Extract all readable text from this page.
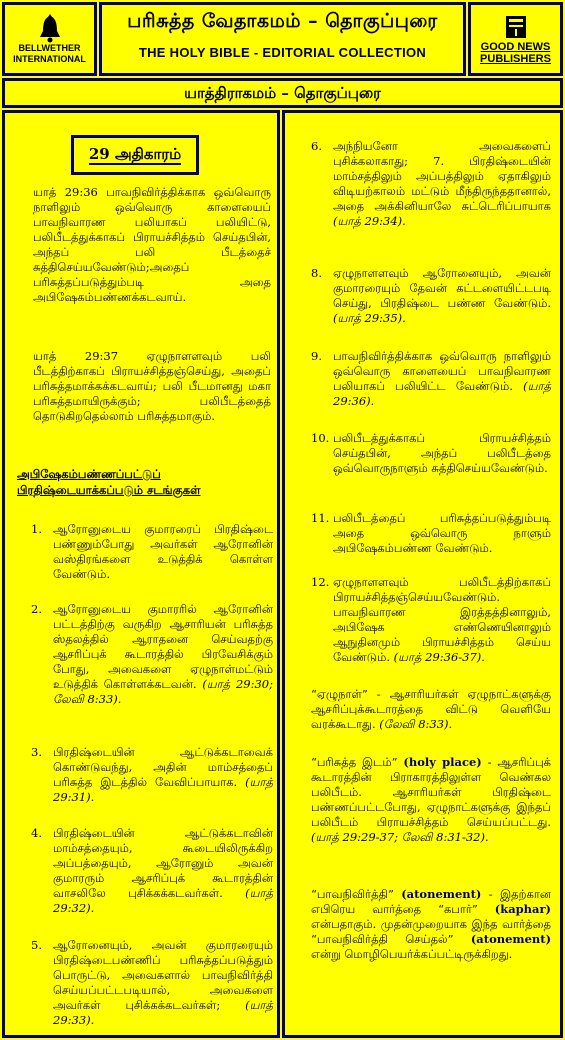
BELLWETHER
INTERNATIONAL
பரிசுத்த வேதாகமம் – தொகுப்புரை
THE HOLY BIBLE - EDITORIAL COLLECTION	GOOD NEWS
PUBLISHERS
யாத்திராகமம் – தொகுப்புரை
29 அதிகாரம்
யாத் 29:36 பாவநிவிர்த்திக்காக ஒவ்வொரு நாளிலும் ஒவ்வொரு காளையைப் பாவநிவாரண பலியாகப் பலியிட்டு, பலிபீடத்துக்காகப் பிராயச்சித்தம் செய்தபின், அந்தப் பலி பீடத்தைச் சுத்திசெய்யவேண்டும்;அதைப் பரிசுத்தப்படுத்தும்படி அதை அபிஷேகம்பண்ணக்கடவாய்.
யாத் 29:37 ஏழுநாளளவும் பலி பீடத்திற்காகப் பிராயச்சித்தஞ்செய்து, அதைப் பரிசுத்தமாக்கக்கடவாய்; பலி பீடமானது மகா பரிசுத்தமாயிருக்கும்; பலிபீடத்தைத் தொடுகிறதெல்லாம் பரிசுத்தமாகும்.
அபிஷேகம்பண்ணப்பட்டுப்
பிரதிஷ்டையாக்கப்படும் சடங்குகள்
1. ஆரோனுடைய குமாரரைப் பிரதிஷ்டை பண்ணும்போது அவர்கள் ஆரோனின் வஸ்திரங்களை உடுத்திக் கொள்ள வேண்டும்.
2. ஆரோனுடைய குமாரரில் ஆரோனின் பட்டத்திற்கு வருகிற ஆசாரியன் பரிசுத்த ஸ்தலத்தில் ஆராதனை செய்வதற்கு ஆசரிப்புக் கூடாரத்தில் பிரவேசிக்கும் போது, அவைகளை ஏழுநாள்மட்டும் உடுத்திக் கொள்ளக்கடவன். (யாத் 29:30; லேவி 8:33).
3. பிரதிஷ்டையின் ஆட்டுக்கடாவைக் கொண்டுவந்து, அதின் மாம்சத்தைப் பரிசுத்த இடத்தில் வேவிப்பாயாக. (யாத் 29:31).
4. பிரதிஷ்டையின் ஆட்டுக்கடாவின் மாம்சத்தையும், கூடையிலிருக்கிற அப்பத்தையும், ஆரோனும் அவன் குமாரரும் ஆசரிப்புக் கூடாரத்தின் வாசலிலே புசிக்கக்கடவர்கள். (யாத் 29:32).
5. ஆரோனையும், அவன் குமாரரையும் பிரதிஷ்டைபண்ணிப் பரிசுத்தப்படுத்தும் பொருட்டு, அவைகளால் பாவநிவிர்த்தி செய்யப்பட்டபடியால், அவைகளை அவர்கள் புசிக்கக்கடவர்கள்; (யாத் 29:33).
6. அந்நியனோ அவைகளைப் புசிக்கலாகாது; 7. பிரதிஷ்டையின் மாம்சத்திலும் அப்பத்திலும் ஏதாகிலும் விடியற்காலம் மட்டும் மீந்திருந்ததானால், அதை அக்கினியாலே சுட்டெரிப்பாயாக (யாத் 29:34).
8. ஏழுநாளளவும் ஆரோனையும், அவன் குமாரரையும் தேவன் கட்டளையிட்டபடி செய்து, பிரதிஷ்டை பண்ண வேண்டும். (யாத் 29:35).
9. பாவநிவிர்த்திக்காக ஒவ்வொரு நாளிலும் ஒவ்வொரு காளையைப் பாவநிவாரண பலியாகப் பலியிட்ட வேண்டும். (யாத் 29:36).
10. பலிபீடத்துக்காகப் பிராயச்சித்தம் செய்தபின், அந்தப் பலிபீடத்தை ஒவ்வொருநாளும் சுத்திசெய்யவேண்டும்.
11. பலிபீடத்தைப் பரிசுத்தப்படுத்தும்படி அதை ஒவ்வொரு நாளும் அபிஷேகம்பண்ண வேண்டும்.
12. ஏழுநாளளவும் பலிபீடத்திற்காகப் பிராயச்சித்தஞ்செய்யவேண்டும். பாவநிவாரண இரத்தத்தினாலும், அபிஷேக எண்ணெயினாலும் ஆநுதினமும் பிராயச்சித்தம் செய்ய வேண்டும். (யாத் 29:36-37).
“ஏழுநாள்” - ஆசாரியர்கள் ஏழுநாட்களுக்கு ஆசரிப்புக்கூடாரத்தை விட்டு வெளியே வரக்கூடாது. (லேவி 8:33).
“பரிசுத்த இடம்” (holy place) - ஆசரிப்புக் கூடாரத்தின் பிராகாரத்திலுள்ள வெண்கல பலிபீடம். ஆசாரியர்கள் பிரதிஷ்டை பண்ணப்பட்டபோது, ஏழுநாட்களுக்கு இந்தப் பலிபீடம் பிராயச்சித்தம் செய்யப்பட்டது. (யாத் 29:29-37; லேவி 8:31-32).
“பாவநிவிர்த்தி” (atonement) - இதற்கான எபிரெய வார்த்தை “கபார்” (kaphar) என்பதாகும். முதன்முறையாக இந்த வார்த்தை “பாவநிவிர்த்தி செய்தல்” (atonement) என்று மொழிபெயர்க்கப்பட்டிருக்கிறது.
